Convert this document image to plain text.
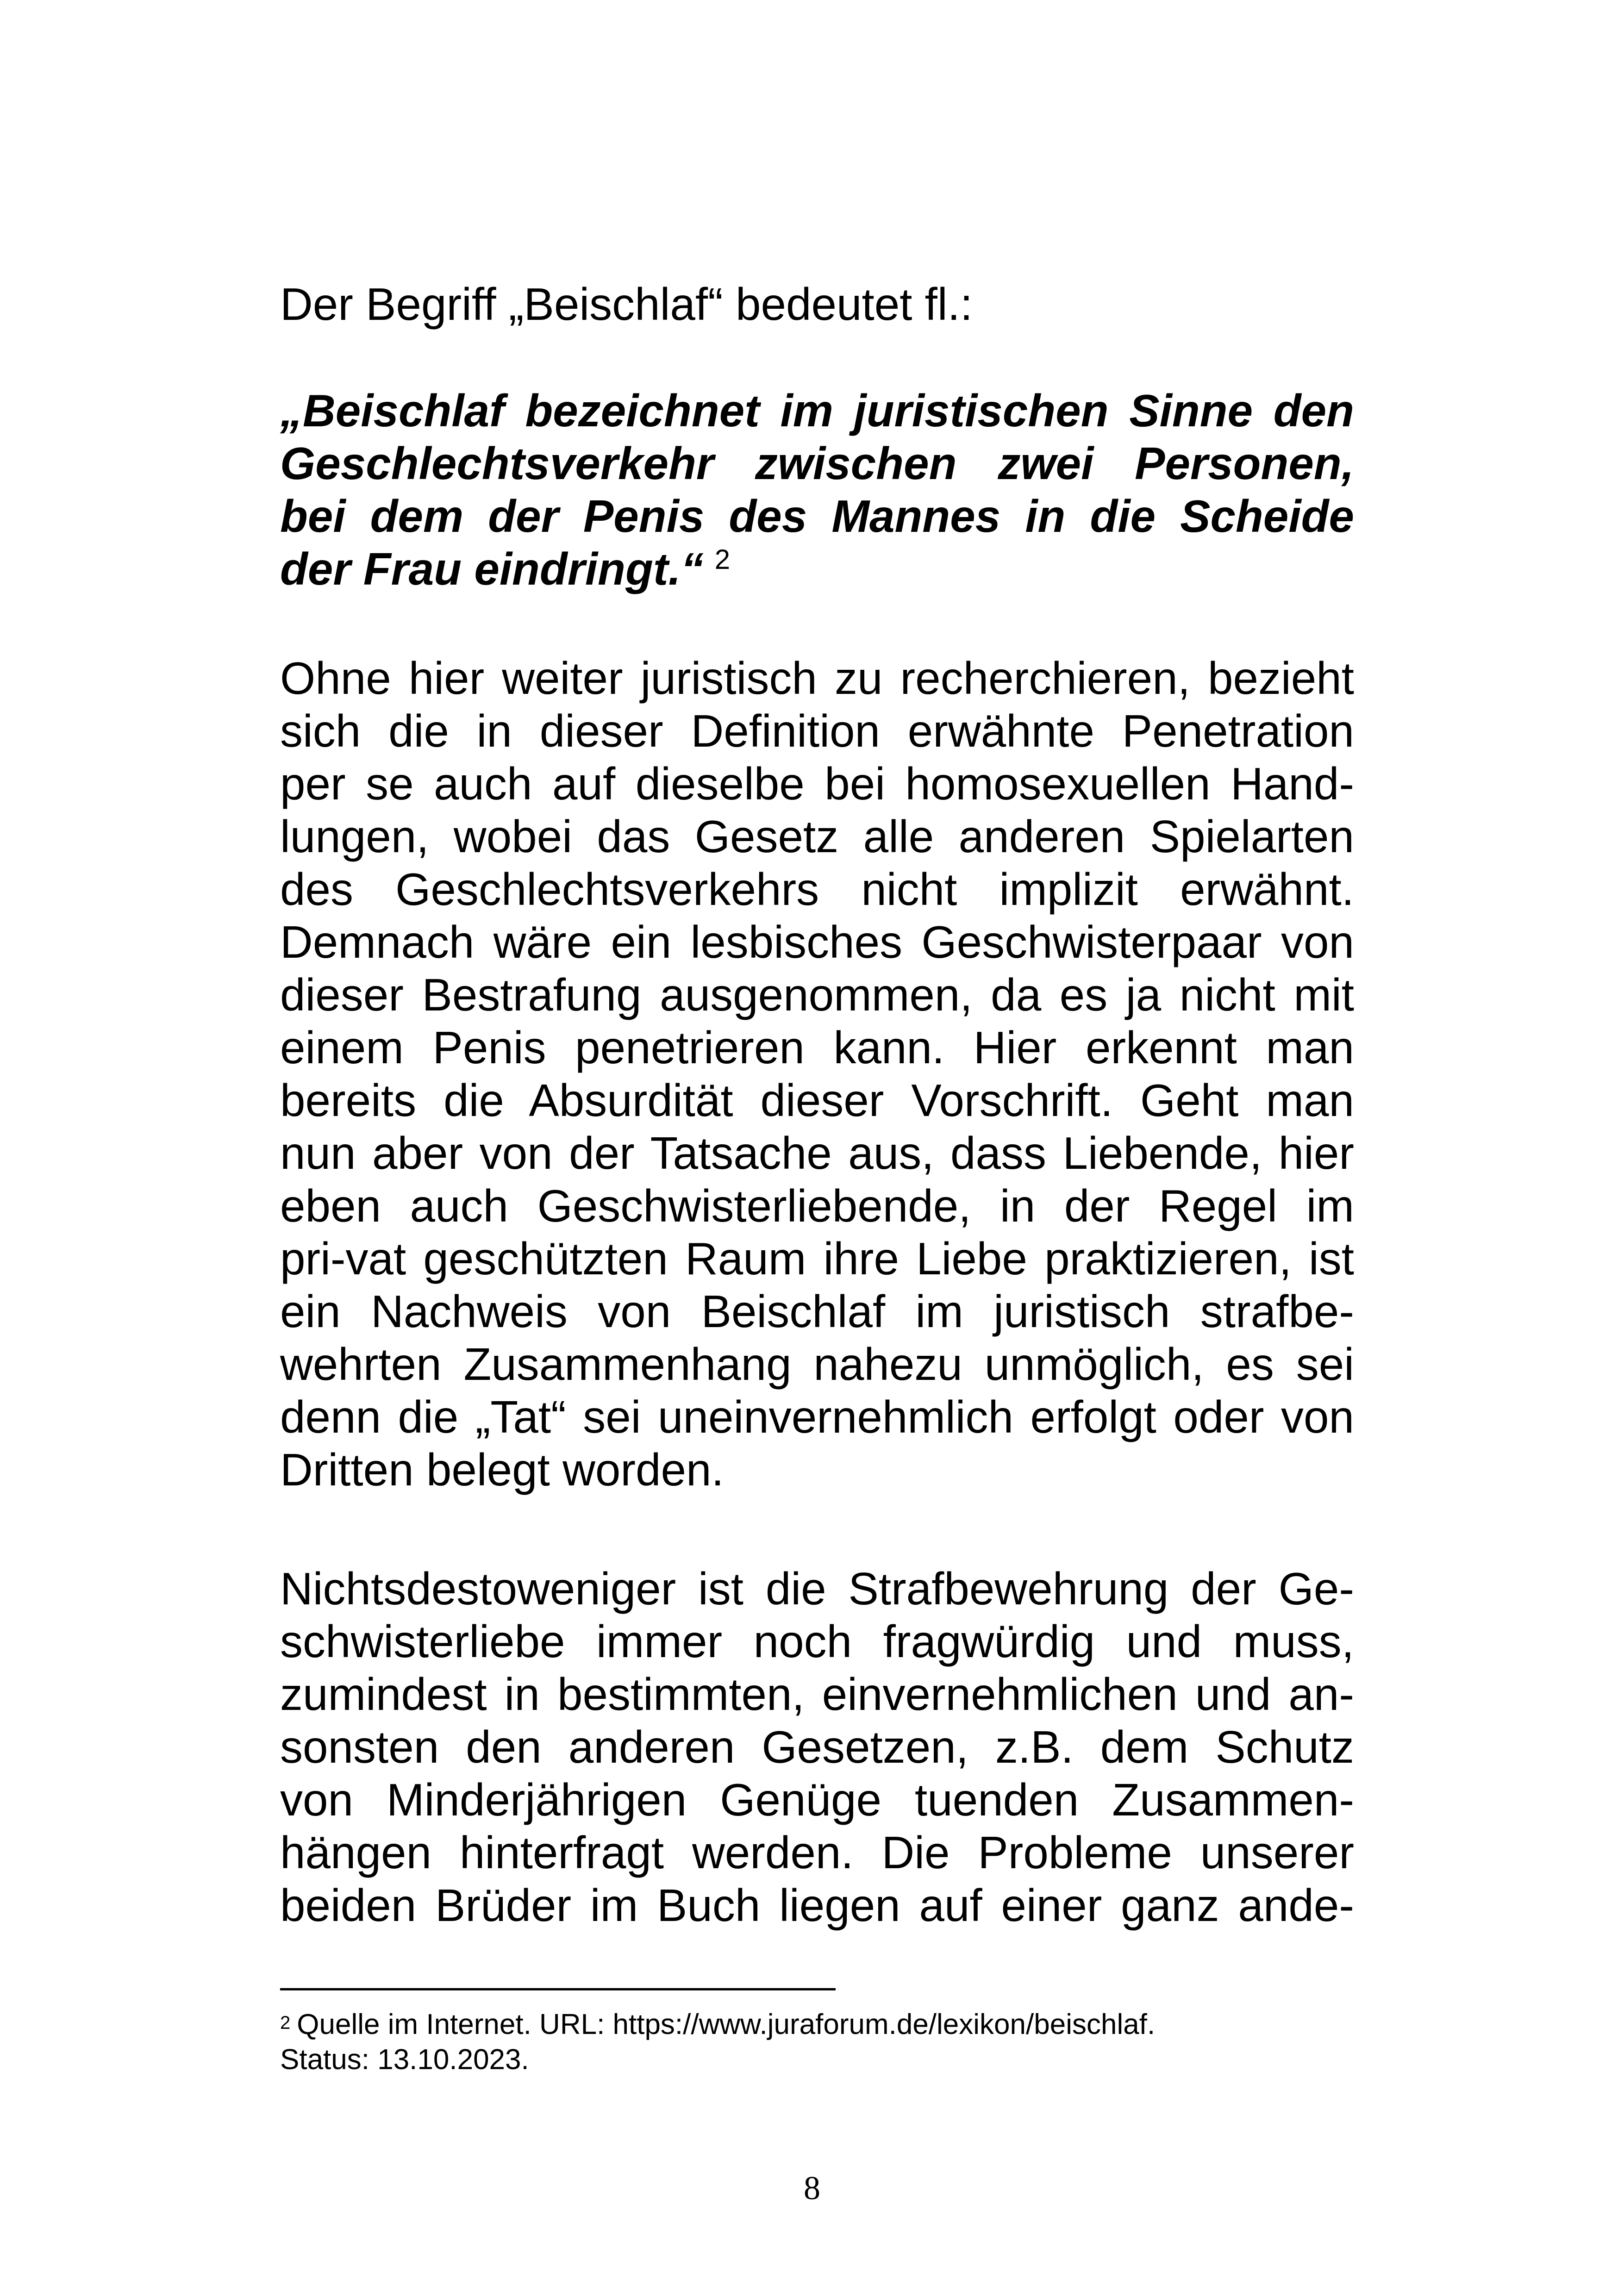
Der Begriff „Beischlaf“ bedeutet fl.:
„Beischlaf bezeichnet im juristischen Sinne den
Geschlechtsverkehr zwischen zwei Personen,
bei dem der Penis des Mannes in die Scheide
der Frau eindringt.“ $^2$
Ohne hier weiter juristisch zu recherchieren, bezieht
sich die in dieser Definition erwähnte Penetration
per se auch auf dieselbe bei homosexuellen Hand-
lungen, wobei das Gesetz alle anderen Spielarten
des Geschlechtsverkehrs nicht implizit erwähnt.
Demnach wäre ein lesbisches Geschwisterpaar von
dieser Bestrafung ausgenommen, da es ja nicht mit
einem Penis penetrieren kann. Hier erkennt man
bereits die Absurdität dieser Vorschrift. Geht man
nun aber von der Tatsache aus, dass Liebende, hier
eben auch Geschwisterliebende, in der Regel im
pri-vat geschützten Raum ihre Liebe praktizieren, ist
ein Nachweis von Beischlaf im juristisch strafbe-
wehrten Zusammenhang nahezu unmöglich, es sei
denn die „Tat“ sei uneinvernehmlich erfolgt oder von
Dritten belegt worden.
Nichtsdestoweniger ist die Strafbewehrung der Ge-
schwisterliebe immer noch fragwürdig und muss,
zumindest in bestimmten, einvernehmlichen und an-
sonsten den anderen Gesetzen, z.B. dem Schutz
von Minderjährigen Genüge tuenden Zusammen-
hängen hinterfragt werden. Die Probleme unserer
beiden Brüder im Buch liegen auf einer ganz ande-
$^2$ Quelle im Internet. URL: https://www.juraforum.de/lexikon/beischlaf.
Status: 13.10.2023.
8
